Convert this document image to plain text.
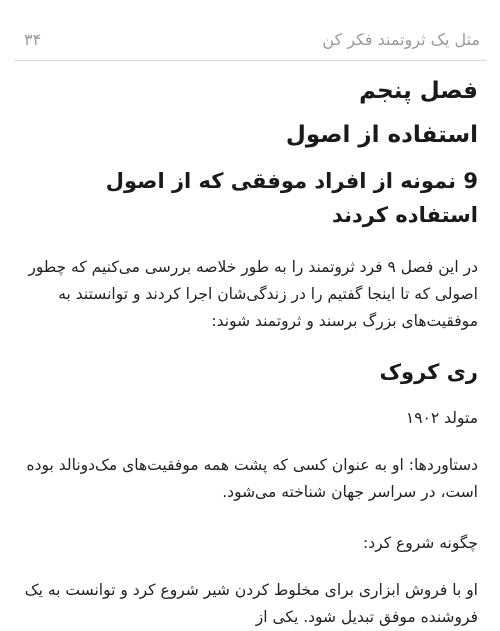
مثل یک ثروتمند فکر کن
۳۴
فصل پنجم
استفاده از اصول
9 نمونه از افراد موفقی که از اصول استفاده کردند

در این فصل ۹ فرد ثروتمند را به طور خلاصه بررسی می‌کنیم که چطور اصولی که تا اینجا گفتیم را در زندگی‌شان اجرا کردند و توانستند به موفقیت‌های بزرگ برسند و ثروتمند شوند:

ری کروک

متولد ۱۹۰۲

دستاوردها: او به عنوان کسی که پشت همه موفقیت‌های مک‌دونالد بوده است، در سراسر جهان شناخته می‌شود.

چگونه شروع کرد:

او با فروش ابزاری برای مخلوط کردن شیر شروع کرد و توانست به یک فروشنده موفق تبدیل شود. یکی از
